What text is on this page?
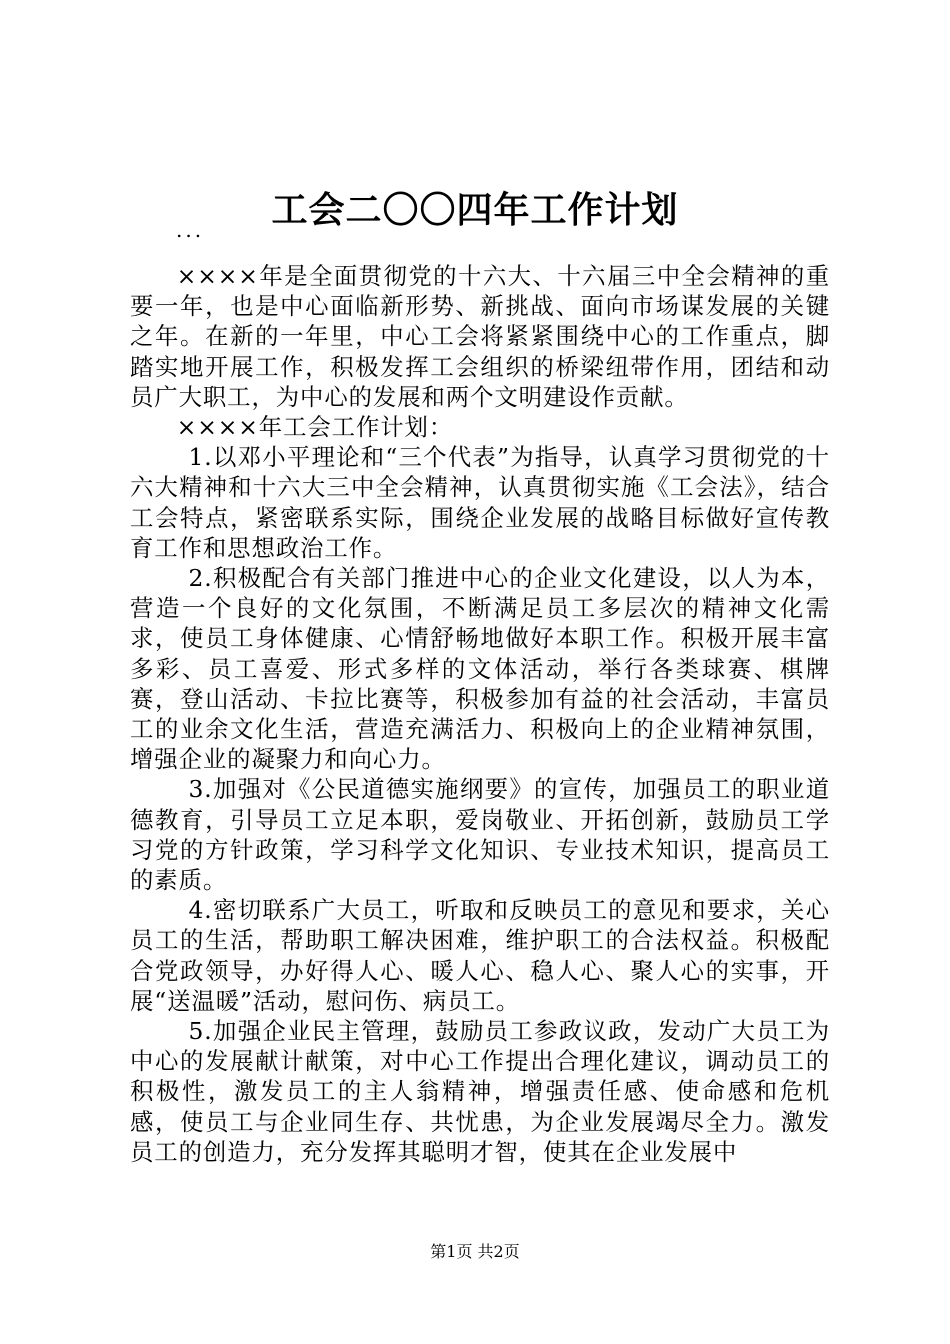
工会二〇〇四年工作计划
...

××××年是全面贯彻党的十六大、十六届三中全会精神的重要一年，也是中心面临新形势、新挑战、面向市场谋发展的关键之年。在新的一年里，中心工会将紧紧围绕中心的工作重点，脚踏实地开展工作，积极发挥工会组织的桥梁纽带作用，团结和动员广大职工，为中心的发展和两个文明建设作贡献。

××××年工会工作计划：

1.以邓小平理论和“三个代表”为指导，认真学习贯彻党的十六大精神和十六大三中全会精神，认真贯彻实施《工会法》，结合工会特点，紧密联系实际，围绕企业发展的战略目标做好宣传教育工作和思想政治工作。

2.积极配合有关部门推进中心的企业文化建设，以人为本，营造一个良好的文化氛围，不断满足员工多层次的精神文化需求，使员工身体健康、心情舒畅地做好本职工作。积极开展丰富多彩、员工喜爱、形式多样的文体活动，举行各类球赛、棋牌赛，登山活动、卡拉比赛等，积极参加有益的社会活动，丰富员工的业余文化生活，营造充满活力、积极向上的企业精神氛围，增强企业的凝聚力和向心力。

3.加强对《公民道德实施纲要》的宣传，加强员工的职业道德教育，引导员工立足本职，爱岗敬业、开拓创新，鼓励员工学习党的方针政策，学习科学文化知识、专业技术知识，提高员工的素质。

4.密切联系广大员工，听取和反映员工的意见和要求，关心员工的生活，帮助职工解决困难，维护职工的合法权益。积极配合党政领导，办好得人心、暖人心、稳人心、聚人心的实事，开展“送温暖”活动，慰问伤、病员工。

5.加强企业民主管理，鼓励员工参政议政，发动广大员工为中心的发展献计献策，对中心工作提出合理化建议，调动员工的积极性，激发员工的主人翁精神，增强责任感、使命感和危机感，使员工与企业同生存、共忧患，为企业发展竭尽全力。激发员工的创造力，充分发挥其聪明才智，使其在企业发展中

第1页 共2页
